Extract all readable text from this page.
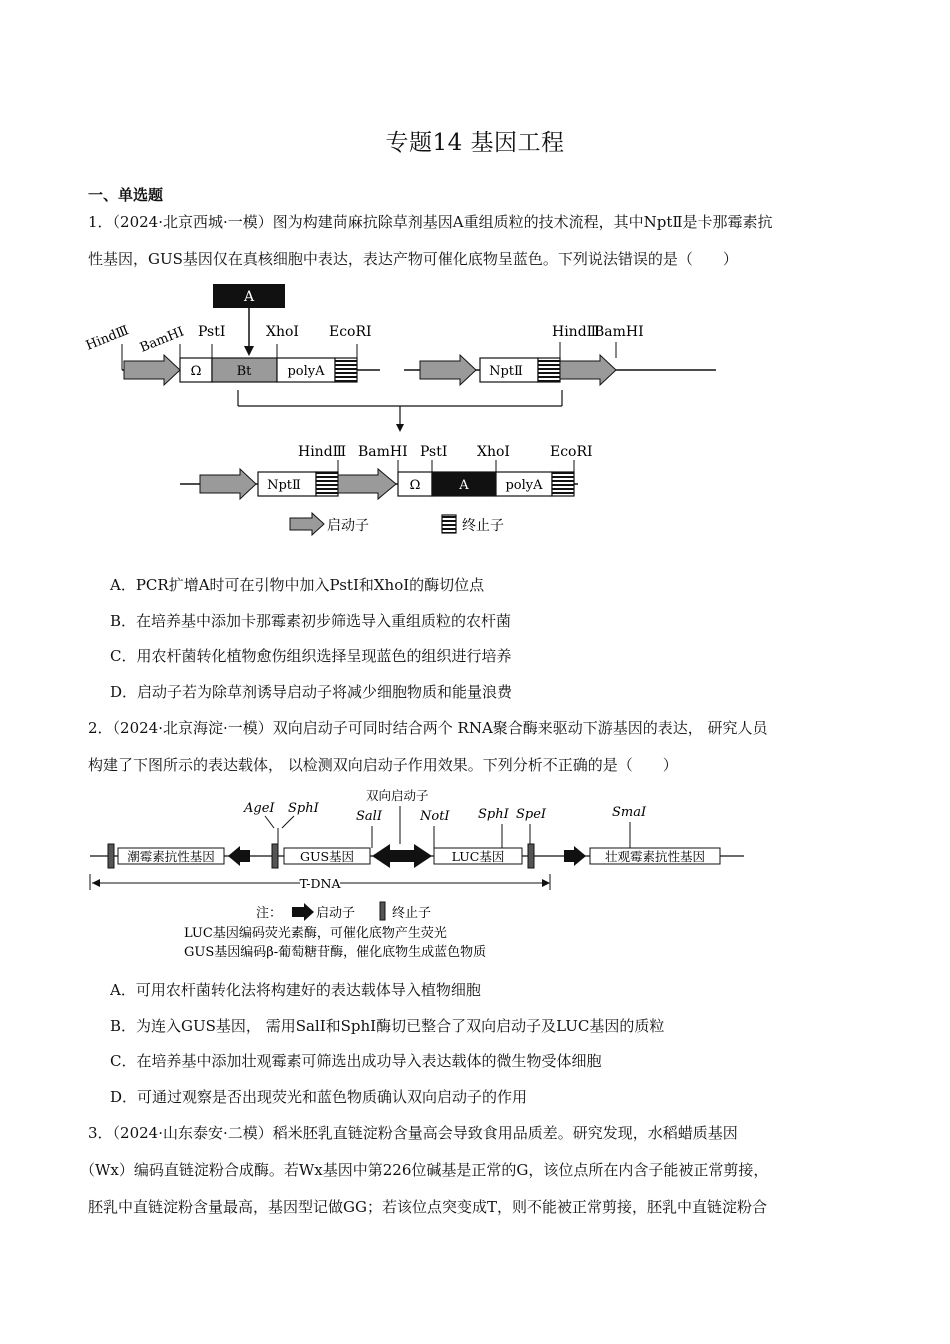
专题14 基因工程
一、单选题
1．（2024·北京西城·一模）图为构建苘麻抗除草剂基因A重组质粒的技术流程，其中NptⅡ是卡那霉素抗
性基因，GUS基因仅在真核细胞中表达，表达产物可催化底物呈蓝色。下列说法错误的是（　　）
A
Ω	Bt	polyA
HindⅢ BamHⅠ PstⅠ	XhoⅠ EcoRⅠ
NptⅡ
HindⅢ
BamHⅠ
NptⅡ	Ω	A	polyA
HindⅢ BamHⅠ PstⅠ XhoⅠ	EcoRⅠ
启动子	终止子
A．PCR扩增A时可在引物中加入PstI和XhoI的酶切位点
B．在培养基中添加卡那霉素初步筛选导入重组质粒的农杆菌
C．用农杆菌转化植物愈伤组织选择呈现蓝色的组织进行培养
D．启动子若为除草剂诱导启动子将减少细胞物质和能量浪费
2．（2024·北京海淀·一模）双向启动子可同时结合两个 RNA聚合酶来驱动下游基因的表达， 研究人员
构建了下图所示的表达载体， 以检测双向启动子作用效果。下列分析不正确的是（　　）
潮霉素抗性基因	GUS基因	LUC基因	壮观霉素抗性基因
AgeⅠ SphⅠ
双向启动子
SalⅠ	NotⅠ SphⅠ SpeⅠ	SmaⅠ
T-DNA
注：	启动子	终止子
LUC基因编码荧光素酶，可催化底物产生荧光
GUS基因编码β-葡萄糖苷酶，催化底物生成蓝色物质
A．可用农杆菌转化法将构建好的表达载体导入植物细胞
B．为连入GUS基因， 需用SalI和SphI酶切已整合了双向启动子及LUC基因的质粒
C．在培养基中添加壮观霉素可筛选出成功导入表达载体的微生物受体细胞
D．可通过观察是否出现荧光和蓝色物质确认双向启动子的作用
3．（2024·山东泰安·二模）稻米胚乳直链淀粉含量高会导致食用品质差。研究发现，水稻蜡质基因
（Wx）编码直链淀粉合成酶。若Wx基因中第226位碱基是正常的G，该位点所在内含子能被正常剪接，
胚乳中直链淀粉含量最高，基因型记做GG；若该位点突变成T，则不能被正常剪接，胚乳中直链淀粉合
